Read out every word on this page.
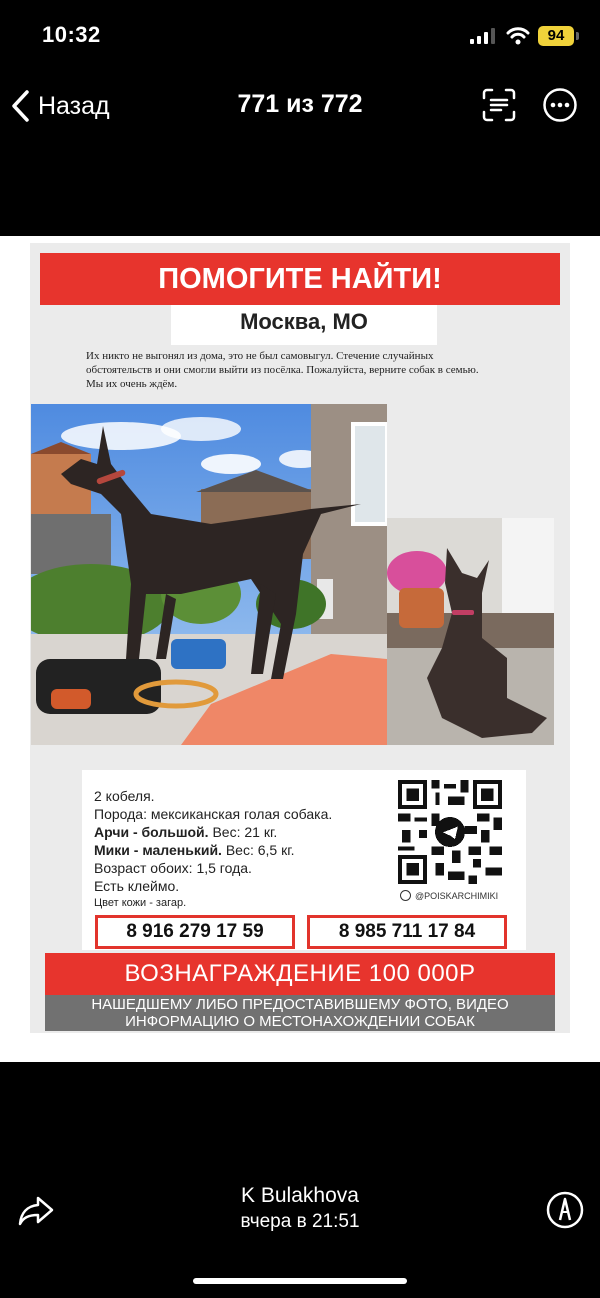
10:32	94
Назад	771 из 772
ПОМОГИТЕ НАЙТИ!
Москва, МО
Их никто не выгонял из дома, это не был самовыгул. Стечение случайных
обстоятельств и они смогли выйти из посёлка. Пожалуйста, верните собак в семью.
Мы их очень ждём.
2 кобеля.
Порода: мексиканская голая собака.
Арчи - большой. Вес: 21 кг.
Мики - маленький. Вес: 6,5 кг.
Возраст обоих: 1,5 года.
Есть клеймо.
Цвет кожи - загар.
@POISKARCHIMIKI
8 916 279 17 59	8 985 711 17 84
ВОЗНАГРАЖДЕНИЕ 100 000Р
НАШЕДШЕМУ ЛИБО ПРЕДОСТАВИВШЕМУ ФОТО, ВИДЕО
ИНФОРМАЦИЮ О МЕСТОНАХОЖДЕНИИ СОБАК
K Bulakhova
вчера в 21:51
